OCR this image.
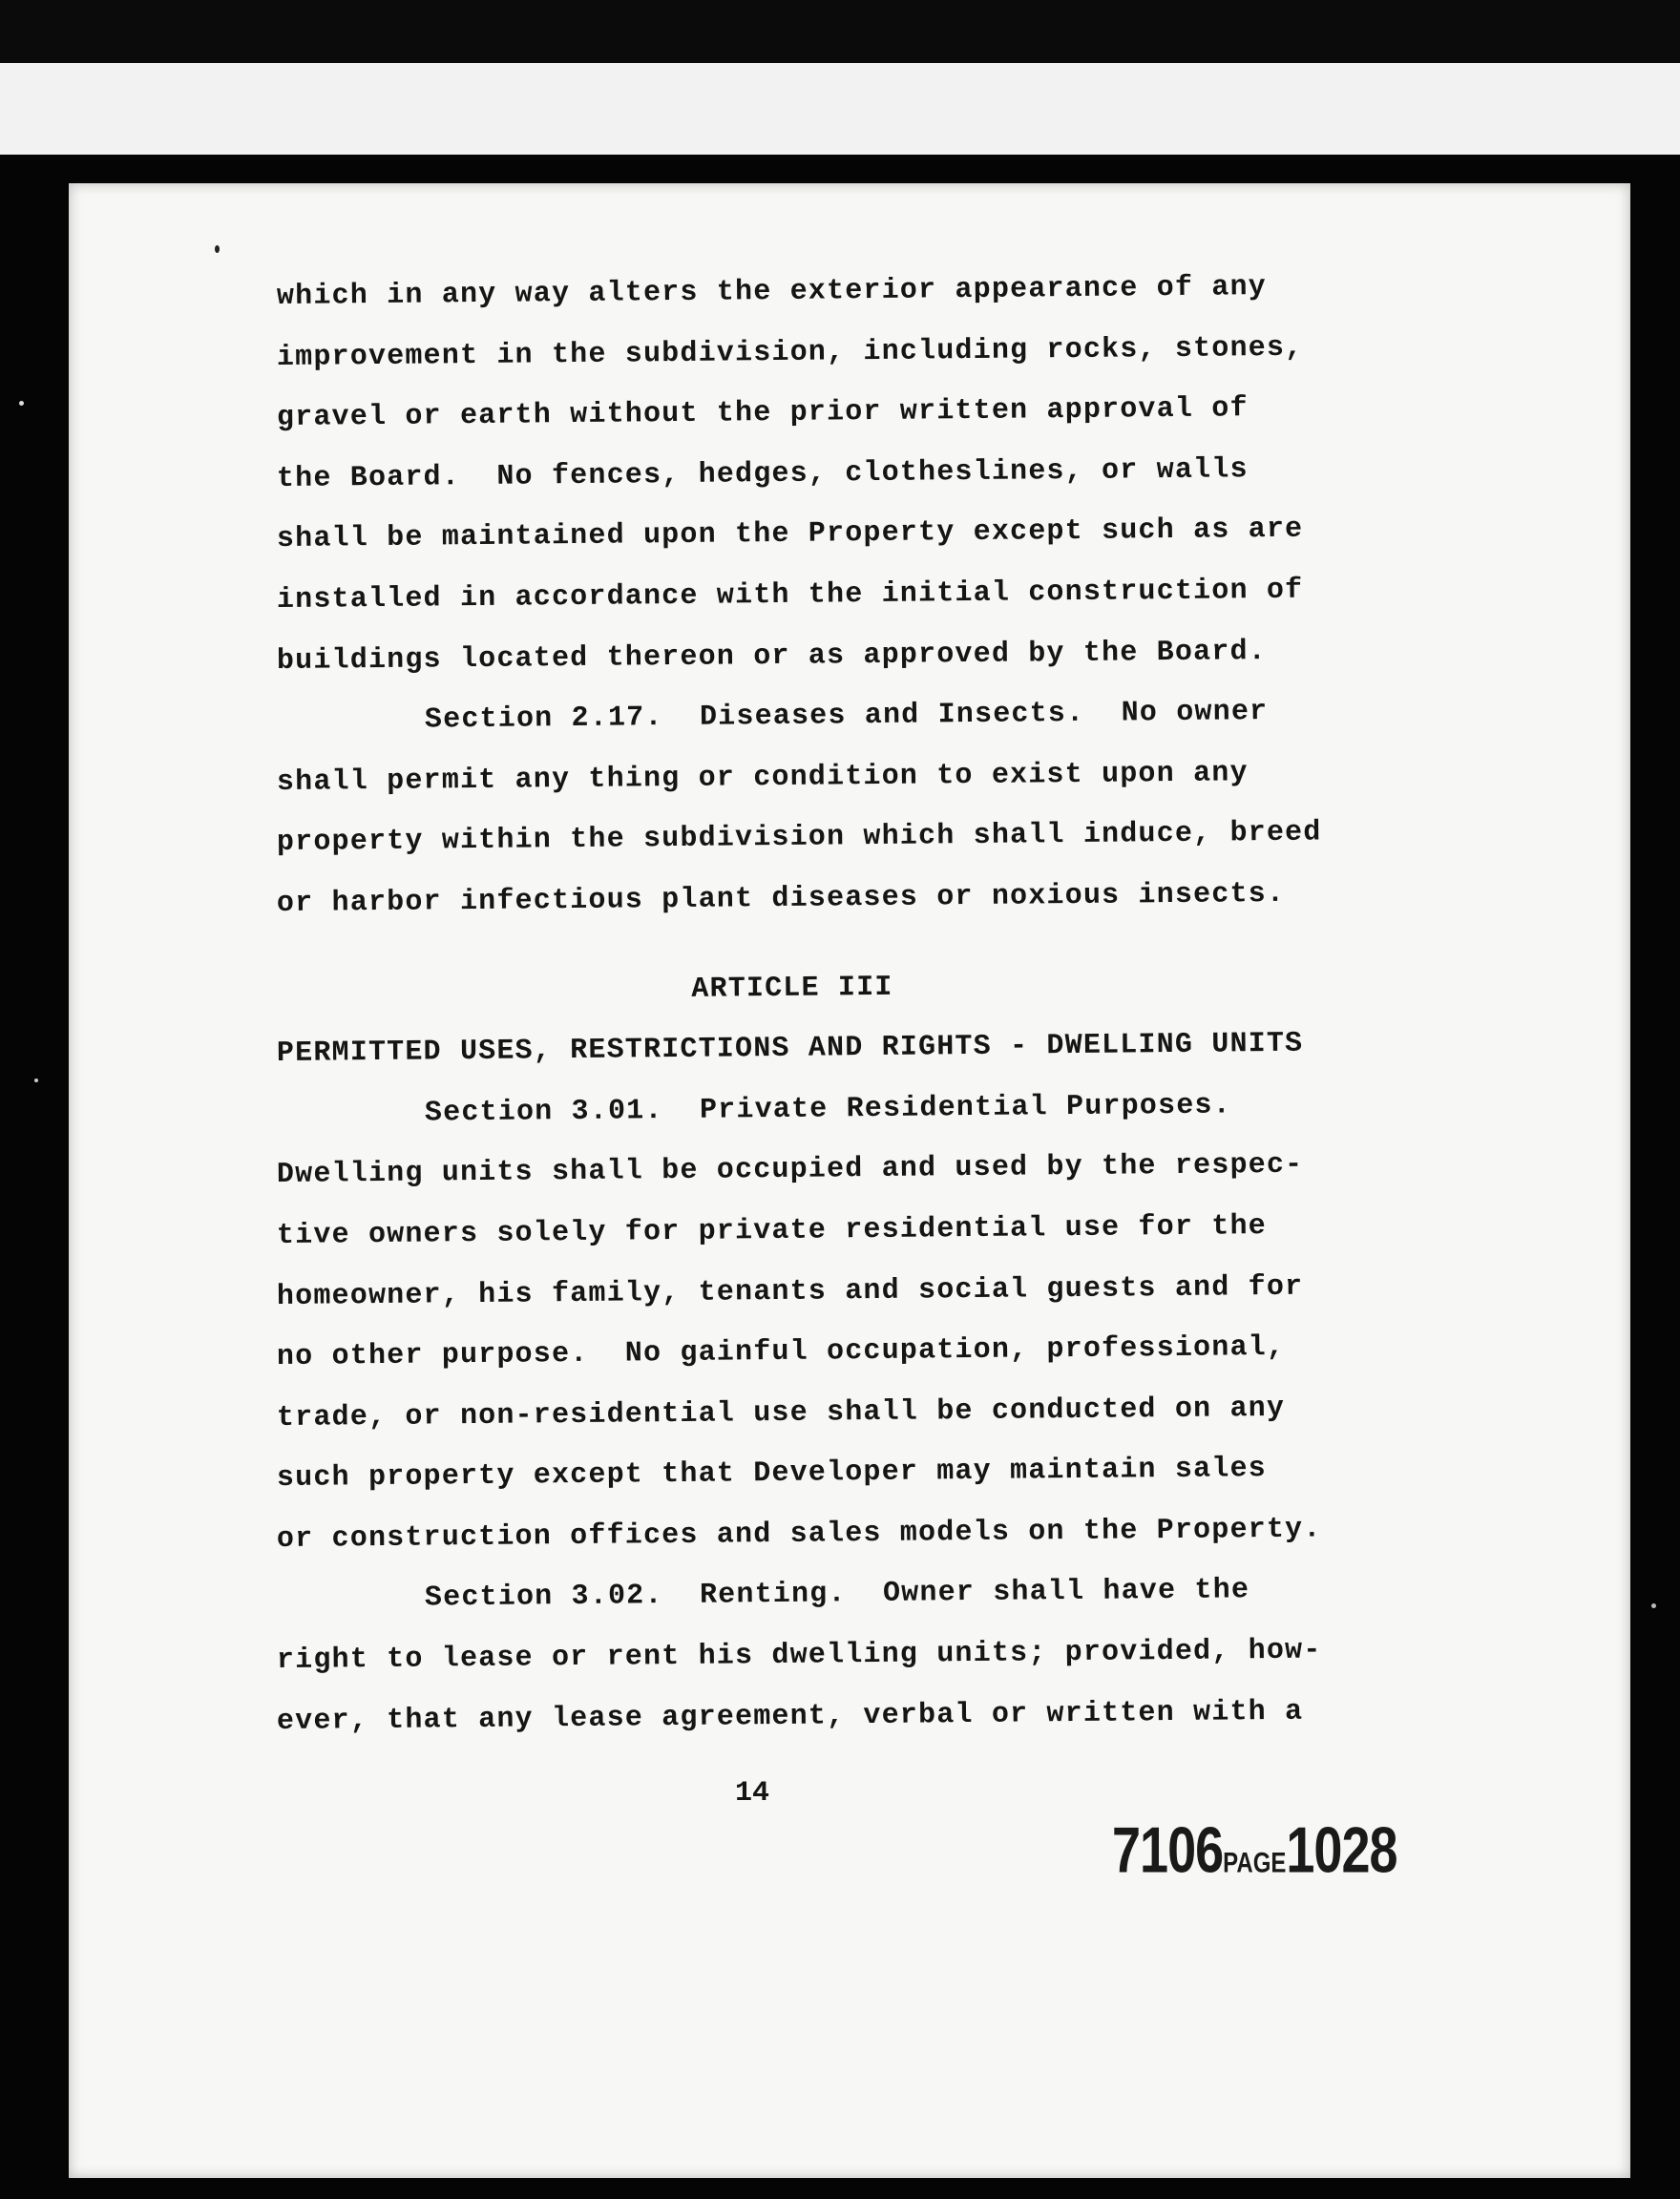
which in any way alters the exterior appearance of any
improvement in the subdivision, including rocks, stones,
gravel or earth without the prior written approval of
the Board.  No fences, hedges, clotheslines, or walls
shall be maintained upon the Property except such as are
installed in accordance with the initial construction of
buildings located thereon or as approved by the Board.
Section 2.17.  Diseases and Insects.  No owner
shall permit any thing or condition to exist upon any
property within the subdivision which shall induce, breed
or harbor infectious plant diseases or noxious insects.
ARTICLE III
PERMITTED USES, RESTRICTIONS AND RIGHTS - DWELLING UNITS
Section 3.01.  Private Residential Purposes.
Dwelling units shall be occupied and used by the respec-
tive owners solely for private residential use for the
homeowner, his family, tenants and social guests and for
no other purpose.  No gainful occupation, professional,
trade, or non-residential use shall be conducted on any
such property except that Developer may maintain sales
or construction offices and sales models on the Property.
Section 3.02.  Renting.  Owner shall have the
right to lease or rent his dwelling units; provided, how-
ever, that any lease agreement, verbal or written with a
14
7106PAGE1028
